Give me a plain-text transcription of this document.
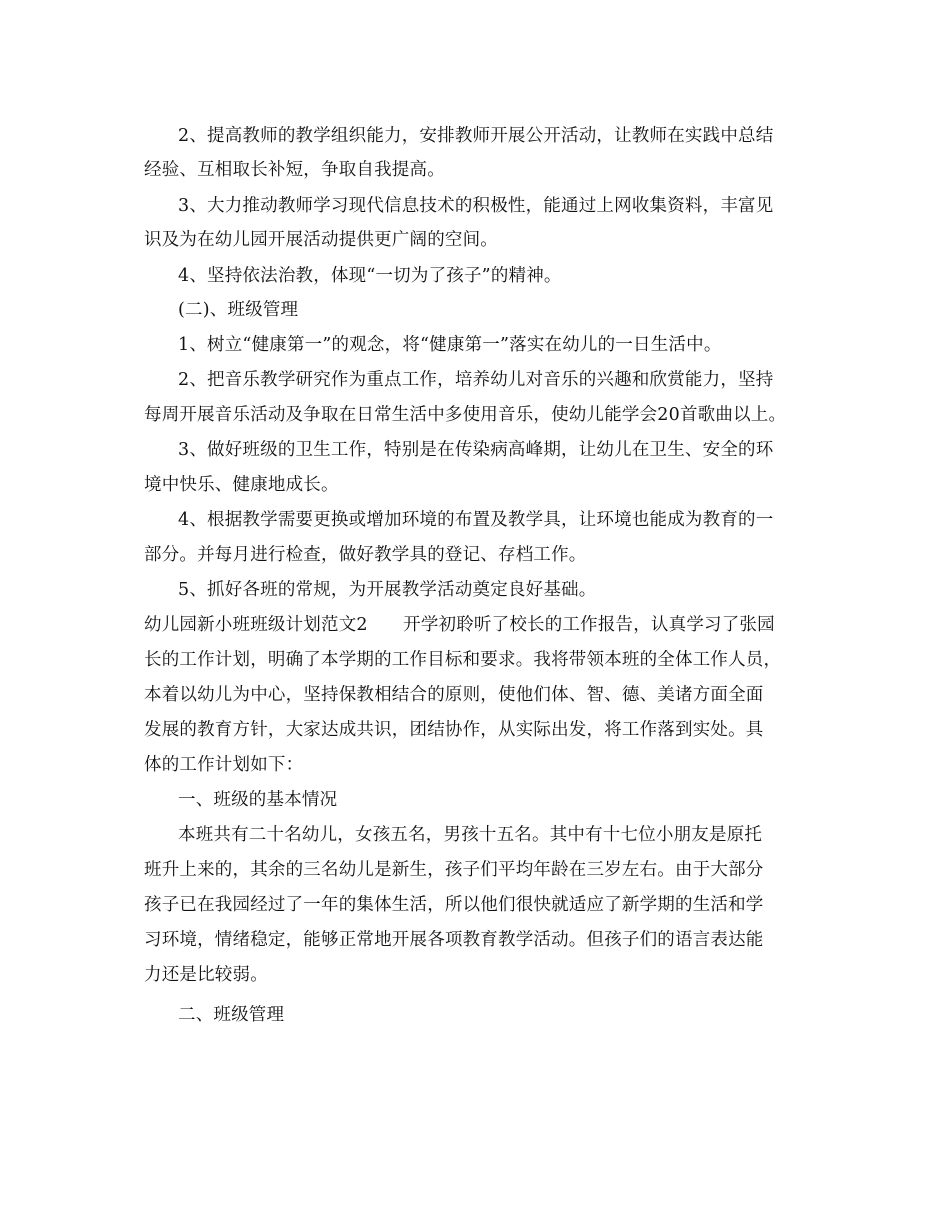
2、提高教师的教学组织能力，安排教师开展公开活动，让教师在实践中总结
经验、互相取长补短，争取自我提高。
3、大力推动教师学习现代信息技术的积极性，能通过上网收集资料，丰富见
识及为在幼儿园开展活动提供更广阔的空间。
4、坚持依法治教，体现“一切为了孩子”的精神。
(二)、班级管理
1、树立“健康第一”的观念，将“健康第一”落实在幼儿的一日生活中。
2、把音乐教学研究作为重点工作，培养幼儿对音乐的兴趣和欣赏能力，坚持
每周开展音乐活动及争取在日常生活中多使用音乐，使幼儿能学会20首歌曲以上。
3、做好班级的卫生工作，特别是在传染病高峰期，让幼儿在卫生、安全的环
境中快乐、健康地成长。
4、根据教学需要更换或增加环境的布置及教学具，让环境也能成为教育的一
部分。并每月进行检查，做好教学具的登记、存档工作。
5、抓好各班的常规，为开展教学活动奠定良好基础。
幼儿园新小班班级计划范文2　　开学初聆听了校长的工作报告，认真学习了张园
长的工作计划，明确了本学期的工作目标和要求。我将带领本班的全体工作人员，
本着以幼儿为中心，坚持保教相结合的原则，使他们体、智、德、美诸方面全面
发展的教育方针，大家达成共识，团结协作，从实际出发，将工作落到实处。具
体的工作计划如下：
一、班级的基本情况
本班共有二十名幼儿，女孩五名，男孩十五名。其中有十七位小朋友是原托
班升上来的，其余的三名幼儿是新生，孩子们平均年龄在三岁左右。由于大部分
孩子已在我园经过了一年的集体生活，所以他们很快就适应了新学期的生活和学
习环境，情绪稳定，能够正常地开展各项教育教学活动。但孩子们的语言表达能
力还是比较弱。
二、班级管理
